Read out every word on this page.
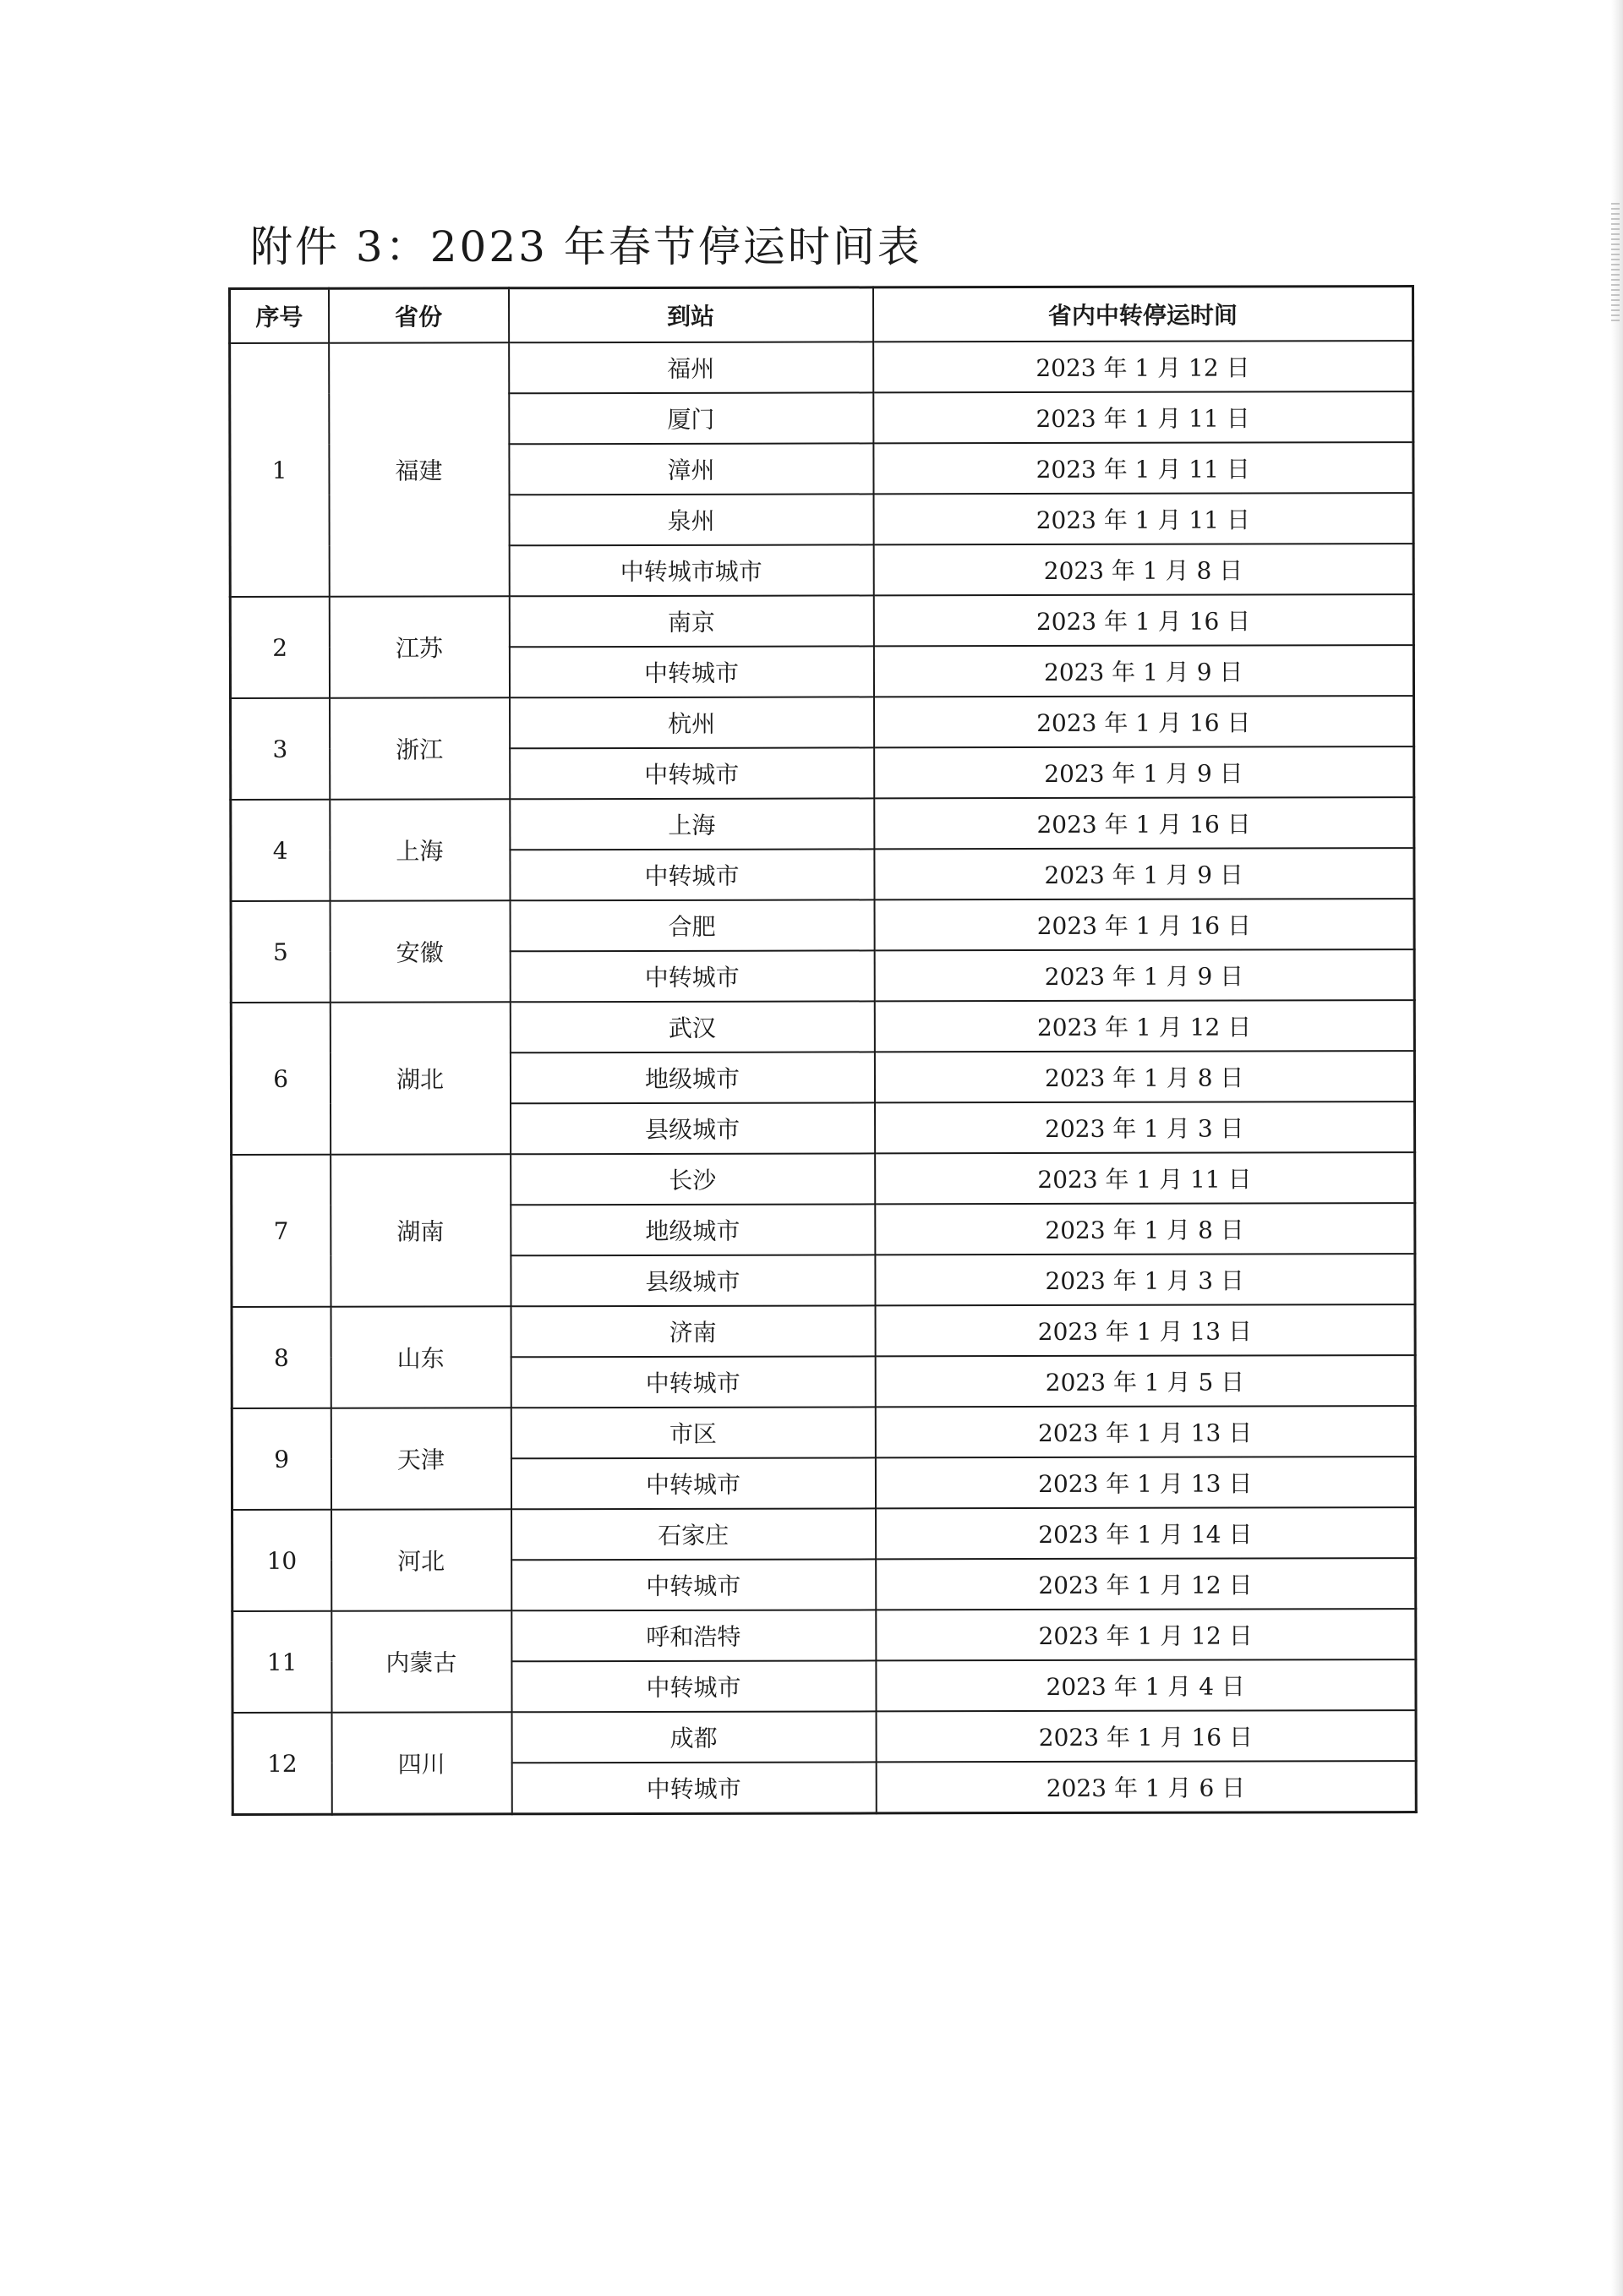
附件 3：2023 年春节停运时间表
序号	省份	到站	省内中转停运时间
1	福建	福州	2023 年 1 月 12 日
		厦门	2023 年 1 月 11 日
		漳州	2023 年 1 月 11 日
		泉州	2023 年 1 月 11 日
		中转城市城市	2023 年 1 月 8 日
2	江苏	南京	2023 年 1 月 16 日
		中转城市	2023 年 1 月 9 日
3	浙江	杭州	2023 年 1 月 16 日
		中转城市	2023 年 1 月 9 日
4	上海	上海	2023 年 1 月 16 日
		中转城市	2023 年 1 月 9 日
5	安徽	合肥	2023 年 1 月 16 日
		中转城市	2023 年 1 月 9 日
6	湖北	武汉	2023 年 1 月 12 日
		地级城市	2023 年 1 月 8 日
		县级城市	2023 年 1 月 3 日
7	湖南	长沙	2023 年 1 月 11 日
		地级城市	2023 年 1 月 8 日
		县级城市	2023 年 1 月 3 日
8	山东	济南	2023 年 1 月 13 日
		中转城市	2023 年 1 月 5 日
9	天津	市区	2023 年 1 月 13 日
		中转城市	2023 年 1 月 13 日
10	河北	石家庄	2023 年 1 月 14 日
		中转城市	2023 年 1 月 12 日
11	内蒙古	呼和浩特	2023 年 1 月 12 日
		中转城市	2023 年 1 月 4 日
12	四川	成都	2023 年 1 月 16 日
		中转城市	2023 年 1 月 6 日
